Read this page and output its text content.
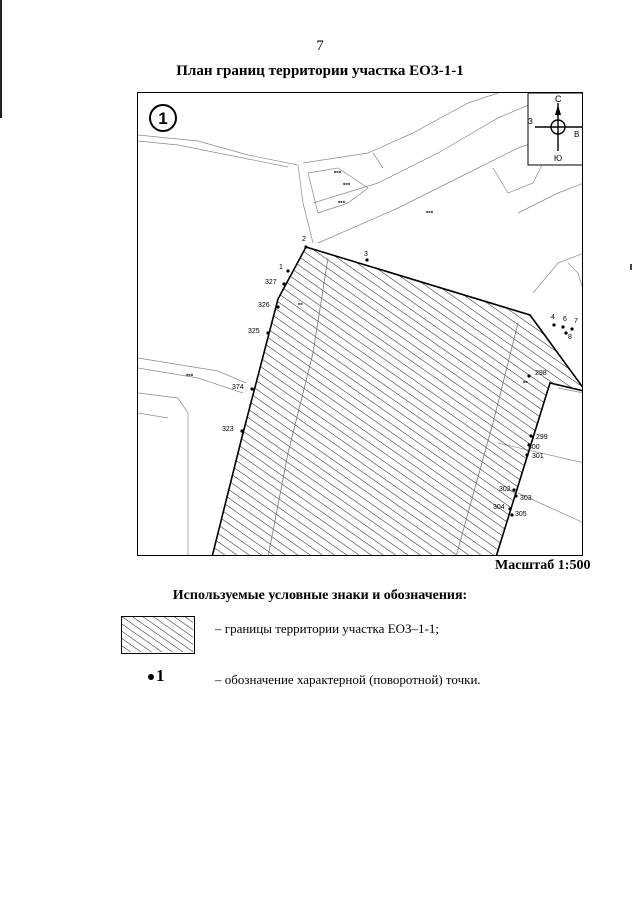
7
План границ территории участка ЕОЗ-1-1
■■■
■■■
■■■
■■■
■■■
С
Ю
З
В
1
1
2
3
4 6 7
8
327
326
325
374
323
298
299
300
301
302
303
304
305
Масштаб 1:500
Используемые условные знаки и обозначения:
– границы территории участка ЕОЗ–1-1;
1	– обозначение характерной (поворотной) точки.
